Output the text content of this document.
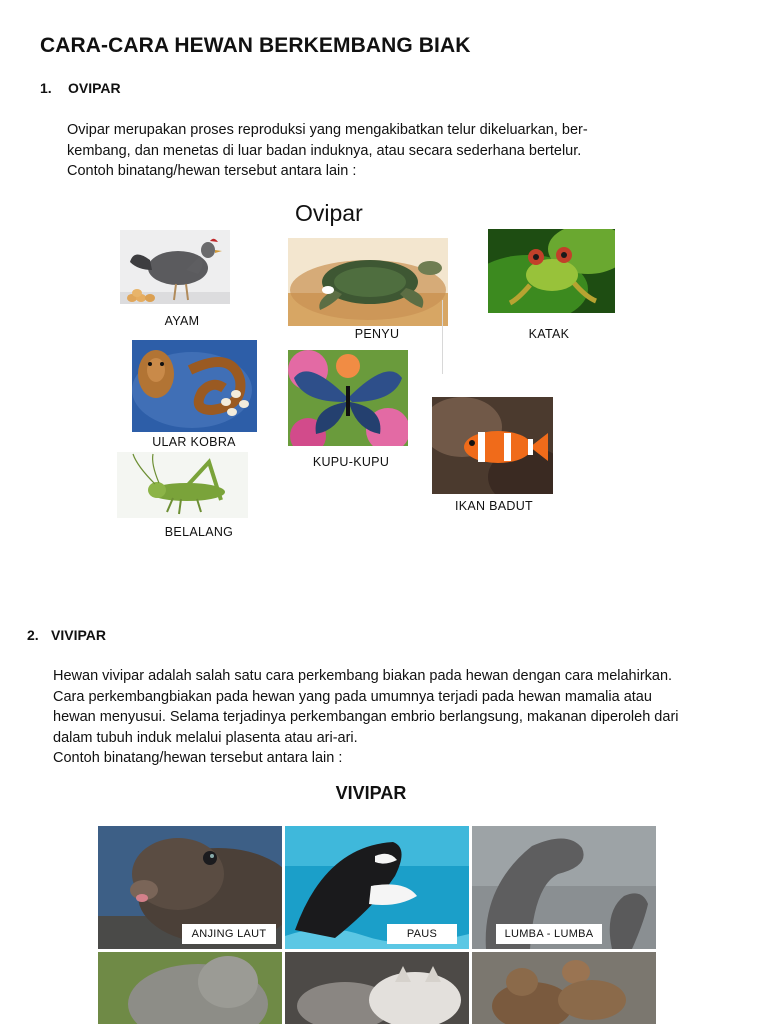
CARA-CARA HEWAN BERKEMBANG BIAK
1. OVIPAR

Ovipar merupakan proses reproduksi yang mengakibatkan telur dikeluarkan, ber-

kembang, dan menetas di luar badan induknya, atau secara sederhana bertelur.

Contoh binatang/hewan tersebut antara lain :

Ovipar
AYAM
PENYU	KATAK
ULAR KOBRA
KUPU-KUPU
IKAN BADUT
BELALANG
2. VIVIPAR

Hewan vivipar adalah salah satu cara perkembang biakan pada hewan dengan cara melahirkan.

Cara perkembangbiakan pada hewan yang pada umumnya terjadi pada hewan mamalia atau

hewan menyusui. Selama terjadinya perkembangan embrio berlangsung, makanan diperoleh dari

dalam tubuh induk melalui plasenta atau ari-ari.

Contoh binatang/hewan tersebut antara lain :

VIVIPAR
ANJING LAUT	PAUS	LUMBA - LUMBA
